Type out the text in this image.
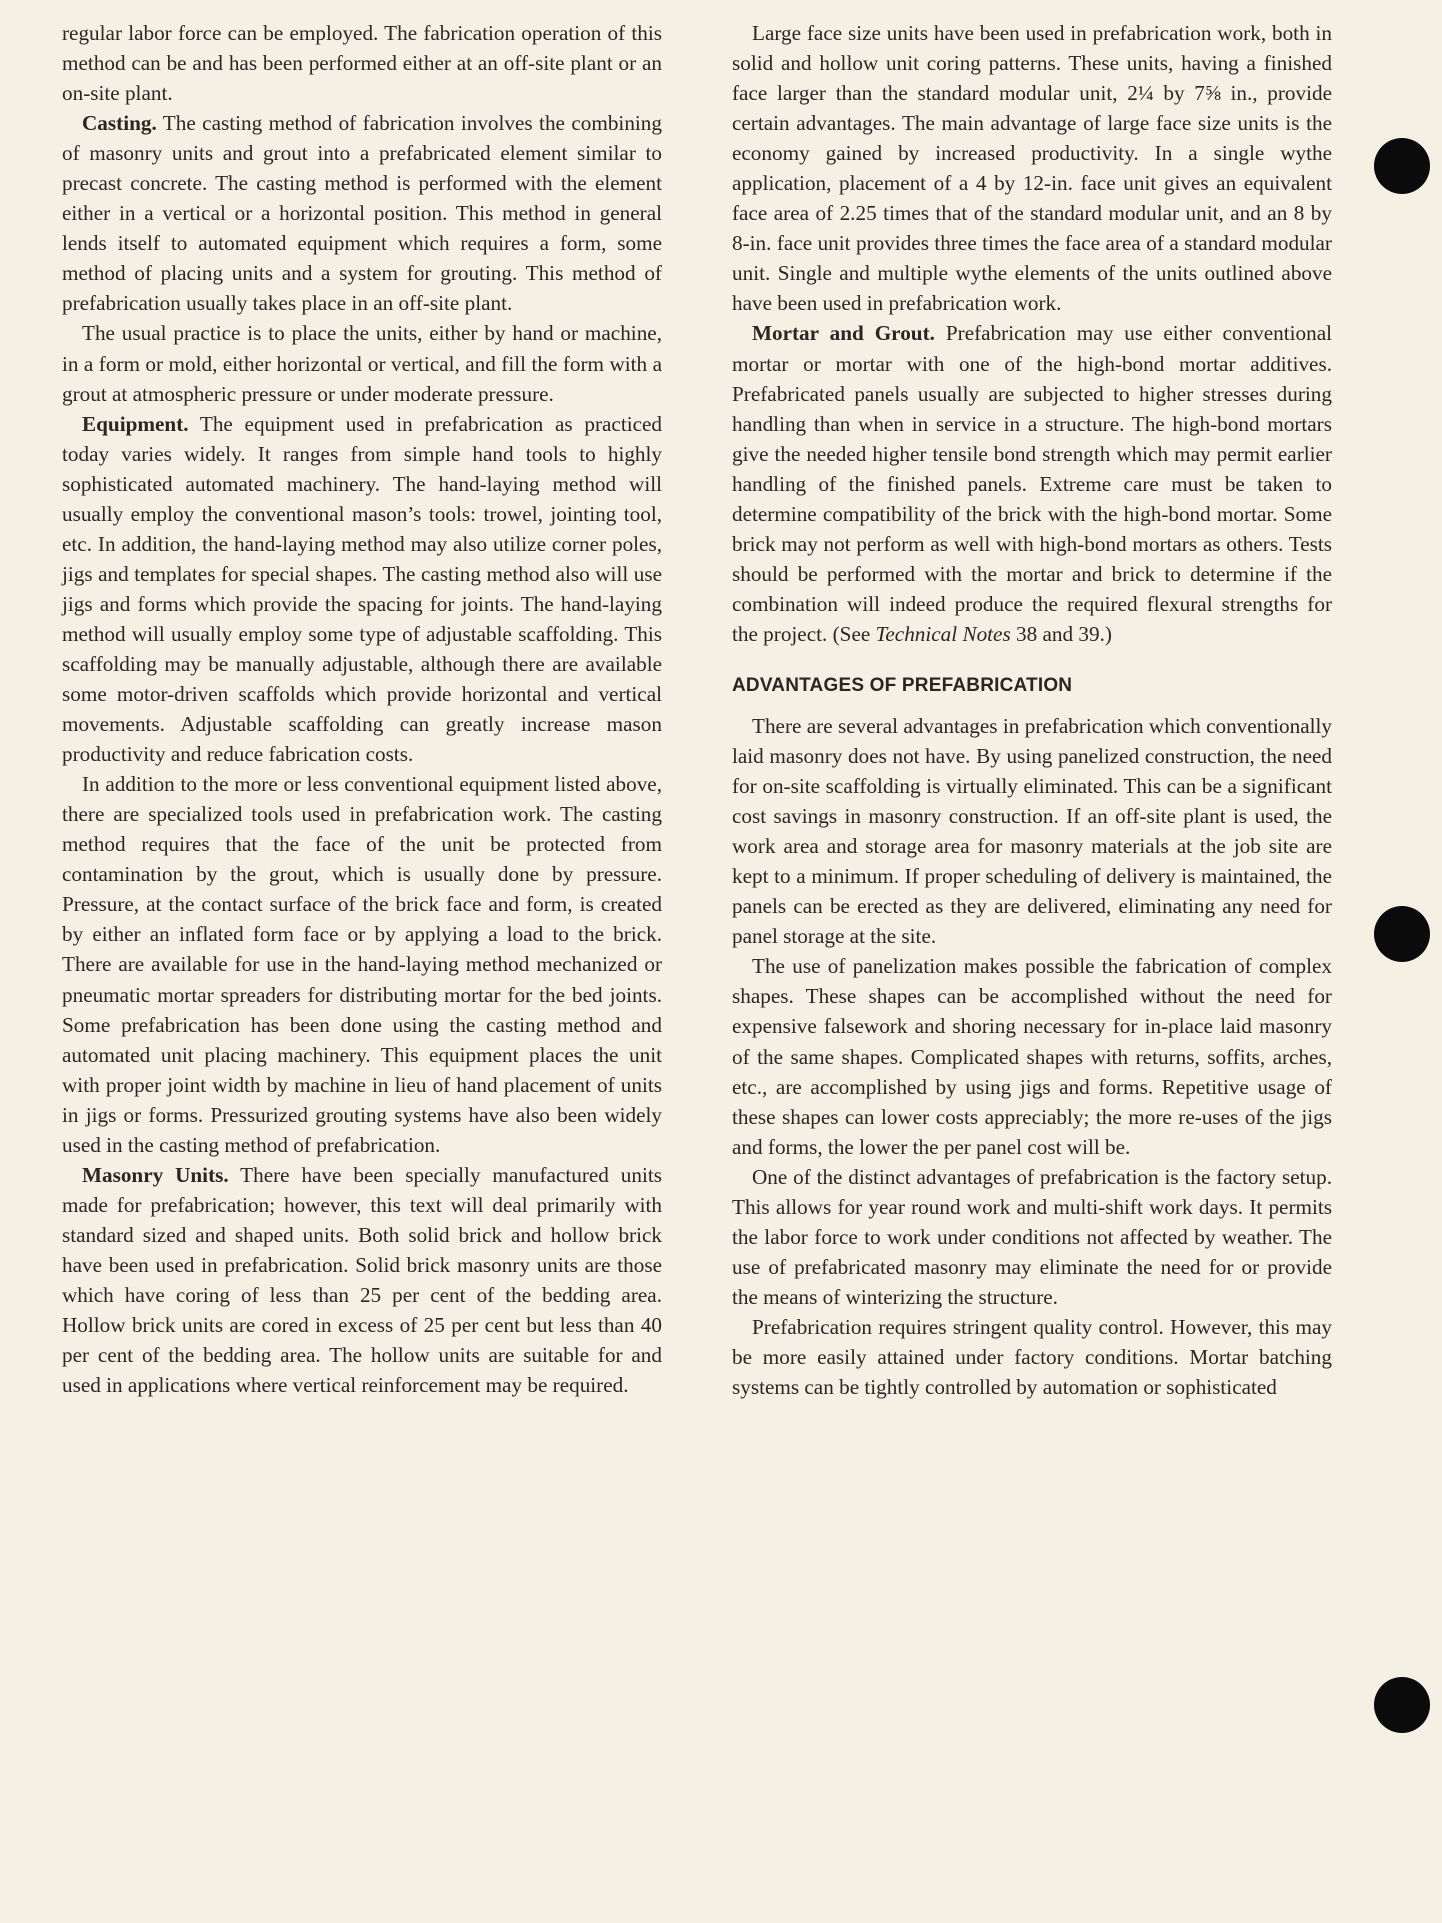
regular labor force can be employed. The fabrication operation of this method can be and has been performed either at an off-site plant or an on-site plant.

Casting. The casting method of fabrication involves the combining of masonry units and grout into a prefabricated element similar to precast concrete. The casting method is performed with the element either in a vertical or a horizontal position. This method in general lends itself to automated equipment which requires a form, some method of placing units and a system for grouting. This method of prefabrication usually takes place in an off-site plant.

The usual practice is to place the units, either by hand or machine, in a form or mold, either horizontal or vertical, and fill the form with a grout at atmospheric pressure or under moderate pressure.

Equipment. The equipment used in prefabrication as practiced today varies widely. It ranges from simple hand tools to highly sophisticated automated machinery. The hand-laying method will usually employ the conventional mason’s tools: trowel, jointing tool, etc. In addition, the hand-laying method may also utilize corner poles, jigs and templates for special shapes. The casting method also will use jigs and forms which provide the spacing for joints. The hand-laying method will usually employ some type of adjustable scaffolding. This scaffolding may be manually adjustable, although there are available some motor-driven scaffolds which provide horizontal and vertical movements. Adjustable scaffolding can greatly increase mason productivity and reduce fabrication costs.

In addition to the more or less conventional equipment listed above, there are specialized tools used in prefabrication work. The casting method requires that the face of the unit be protected from contamination by the grout, which is usually done by pressure. Pressure, at the contact surface of the brick face and form, is created by either an inflated form face or by applying a load to the brick. There are available for use in the hand-laying method mechanized or pneumatic mortar spreaders for distributing mortar for the bed joints. Some prefabrication has been done using the casting method and automated unit placing machinery. This equipment places the unit with proper joint width by machine in lieu of hand placement of units in jigs or forms. Pressurized grouting systems have also been widely used in the casting method of prefabrication.

Masonry Units. There have been specially manufactured units made for prefabrication; however, this text will deal primarily with standard sized and shaped units. Both solid brick and hollow brick have been used in prefabrication. Solid brick masonry units are those which have coring of less than 25 per cent of the bedding area. Hollow brick units are cored in excess of 25 per cent but less than 40 per cent of the bedding area. The hollow units are suitable for and used in applications where vertical reinforcement may be required.

Large face size units have been used in prefabrication work, both in solid and hollow unit coring patterns. These units, having a finished face larger than the standard modular unit, 2¼ by 7⅝ in., provide certain advantages. The main advantage of large face size units is the economy gained by increased productivity. In a single wythe application, placement of a 4 by 12-in. face unit gives an equivalent face area of 2.25 times that of the standard modular unit, and an 8 by 8-in. face unit provides three times the face area of a standard modular unit. Single and multiple wythe elements of the units outlined above have been used in prefabrication work.

Mortar and Grout. Prefabrication may use either conventional mortar or mortar with one of the high-bond mortar additives. Prefabricated panels usually are subjected to higher stresses during handling than when in service in a structure. The high-bond mortars give the needed higher tensile bond strength which may permit earlier handling of the finished panels. Extreme care must be taken to determine compatibility of the brick with the high-bond mortar. Some brick may not perform as well with high-bond mortars as others. Tests should be performed with the mortar and brick to determine if the combination will indeed produce the required flexural strengths for the project. (See Technical Notes 38 and 39.)

ADVANTAGES OF PREFABRICATION

There are several advantages in prefabrication which conventionally laid masonry does not have. By using panelized construction, the need for on-site scaffolding is virtually eliminated. This can be a significant cost savings in masonry construction. If an off-site plant is used, the work area and storage area for masonry materials at the job site are kept to a minimum. If proper scheduling of delivery is maintained, the panels can be erected as they are delivered, eliminating any need for panel storage at the site.

The use of panelization makes possible the fabrication of complex shapes. These shapes can be accomplished without the need for expensive falsework and shoring necessary for in-place laid masonry of the same shapes. Complicated shapes with returns, soffits, arches, etc., are accomplished by using jigs and forms. Repetitive usage of these shapes can lower costs appreciably; the more re-uses of the jigs and forms, the lower the per panel cost will be.

One of the distinct advantages of prefabrication is the factory setup. This allows for year round work and multi-shift work days. It permits the labor force to work under conditions not affected by weather. The use of prefabricated masonry may eliminate the need for or provide the means of winterizing the structure.

Prefabrication requires stringent quality control. However, this may be more easily attained under factory conditions. Mortar batching systems can be tightly controlled by automation or sophisticated
